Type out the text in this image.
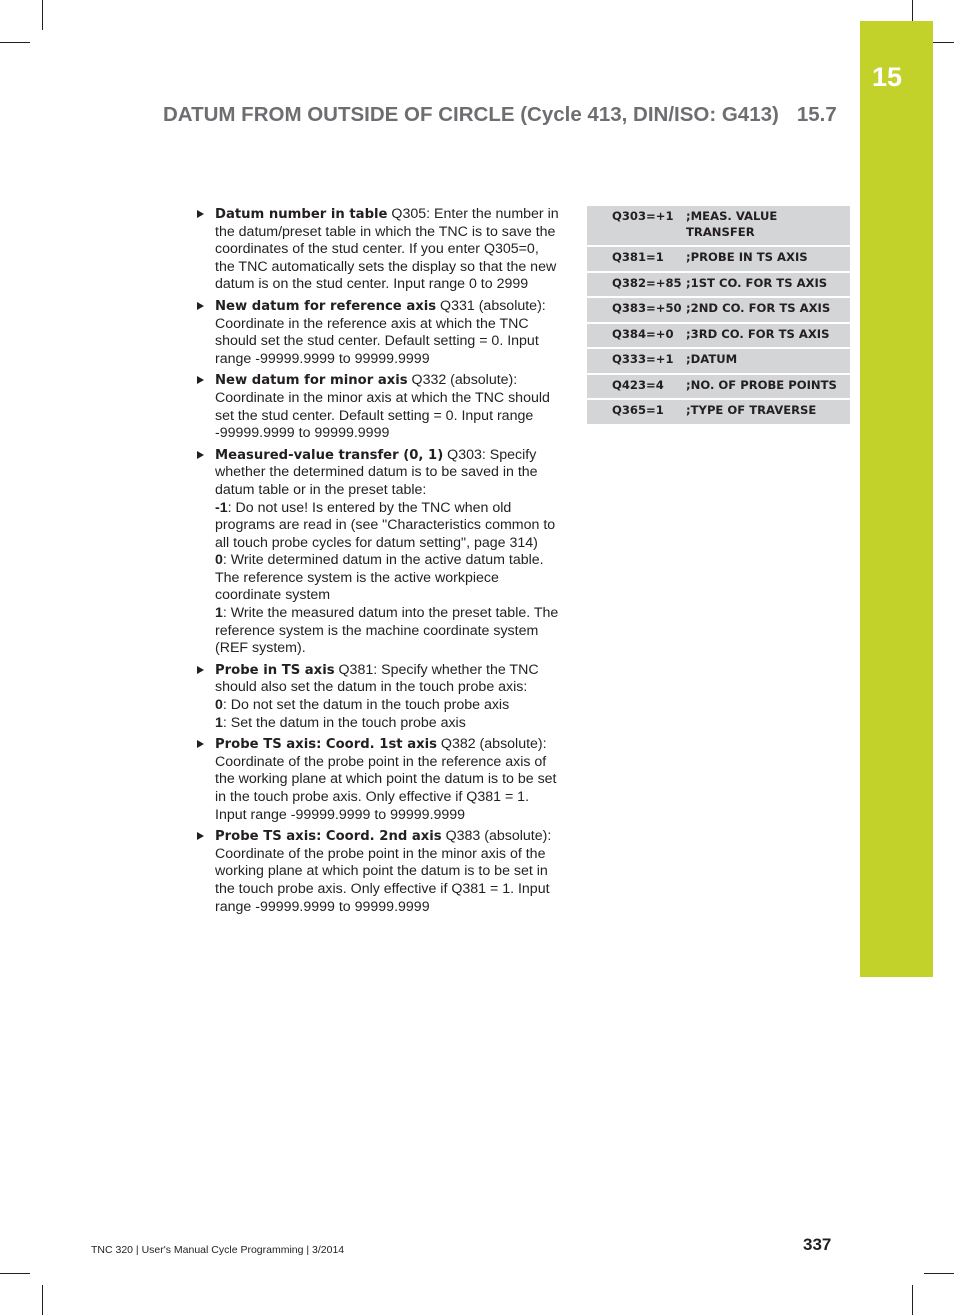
15
DATUM FROM OUTSIDE OF CIRCLE (Cycle 413, DIN/ISO: G413) 15.7
Datum number in table Q305: Enter the number in the datum/preset table in which the TNC is to save the coordinates of the stud center. If you enter Q305=0, the TNC automatically sets the display so that the new datum is on the stud center. Input range 0 to 2999
New datum for reference axis Q331 (absolute): Coordinate in the reference axis at which the TNC should set the stud center. Default setting = 0. Input range -99999.9999 to 99999.9999
New datum for minor axis Q332 (absolute): Coordinate in the minor axis at which the TNC should set the stud center. Default setting = 0. Input range -99999.9999 to 99999.9999
Measured-value transfer (0, 1) Q303: Specify whether the determined datum is to be saved in the datum table or in the preset table:
-1: Do not use! Is entered by the TNC when old programs are read in (see "Characteristics common to all touch probe cycles for datum setting", page 314)
0: Write determined datum in the active datum table. The reference system is the active workpiece coordinate system
1: Write the measured datum into the preset table. The reference system is the machine coordinate system (REF system).
Probe in TS axis Q381: Specify whether the TNC should also set the datum in the touch probe axis:
0: Do not set the datum in the touch probe axis
1: Set the datum in the touch probe axis
Probe TS axis: Coord. 1st axis Q382 (absolute): Coordinate of the probe point in the reference axis of the working plane at which point the datum is to be set in the touch probe axis. Only effective if Q381 = 1. Input range -99999.9999 to 99999.9999
Probe TS axis: Coord. 2nd axis Q383 (absolute): Coordinate of the probe point in the minor axis of the working plane at which point the datum is to be set in the touch probe axis. Only effective if Q381 = 1. Input range -99999.9999 to 99999.9999
Q303=+1	;MEAS. VALUE TRANSFER
Q381=1	;PROBE IN TS AXIS
Q382=+85	;1ST CO. FOR TS AXIS
Q383=+50	;2ND CO. FOR TS AXIS
Q384=+0	;3RD CO. FOR TS AXIS
Q333=+1	;DATUM
Q423=4	;NO. OF PROBE POINTS
Q365=1	;TYPE OF TRAVERSE
TNC 320 | User's Manual Cycle Programming | 3/2014	337
